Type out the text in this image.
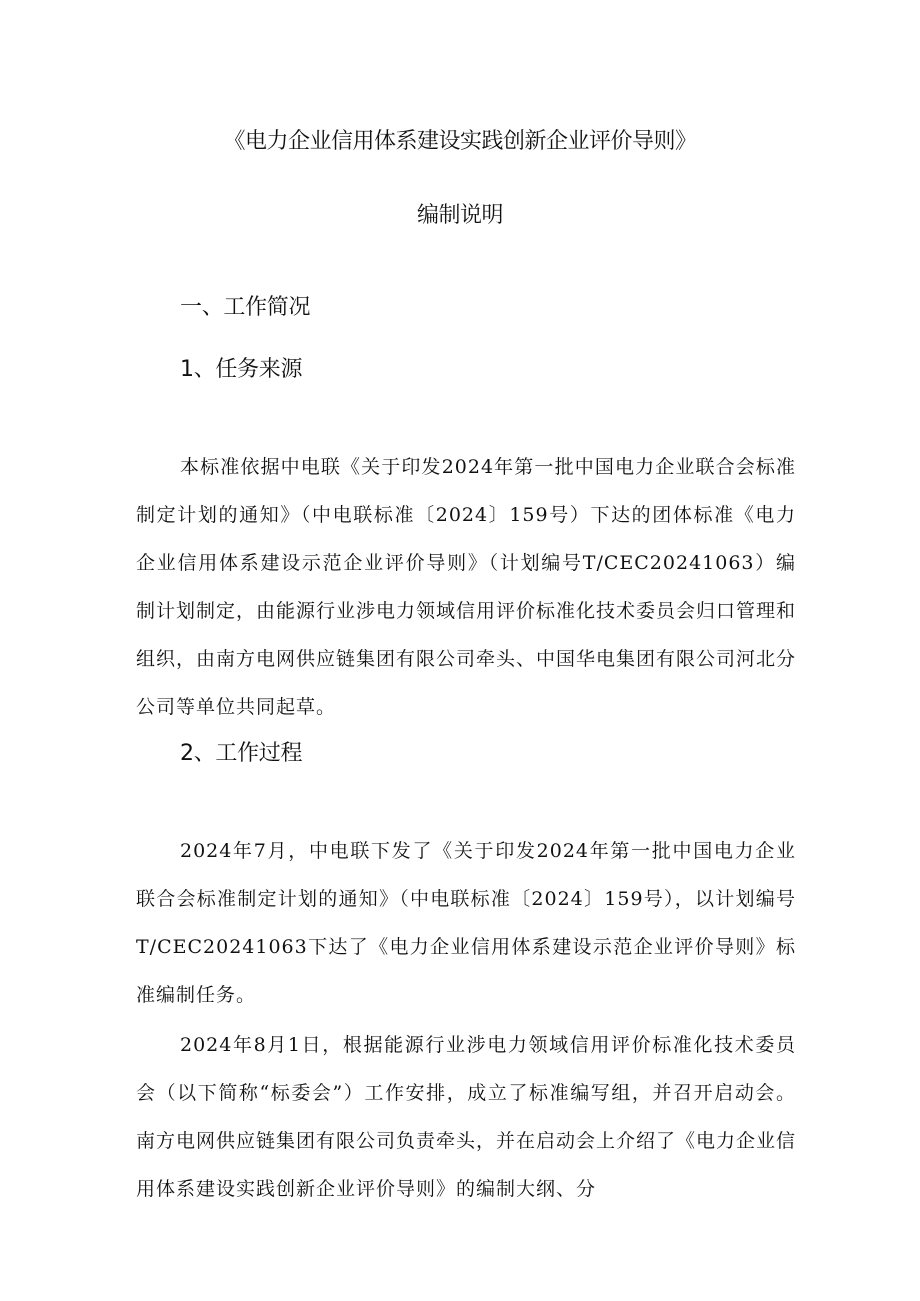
《电力企业信用体系建设实践创新企业评价导则》
编制说明
一、工作简况
1、任务来源

本标准依据中电联《关于印发2024年第一批中国电力企业联合会标准制定计划的通知》（中电联标准〔2024〕159号）下达的团体标准《电力企业信用体系建设示范企业评价导则》（计划编号T/CEC20241063）编制计划制定，由能源行业涉电力领域信用评价标准化技术委员会归口管理和组织，由南方电网供应链集团有限公司牵头、中国华电集团有限公司河北分公司等单位共同起草。

2、工作过程

2024年7月，中电联下发了《关于印发2024年第一批中国电力企业联合会标准制定计划的通知》（中电联标准〔2024〕159号），以计划编号T/CEC20241063下达了《电力企业信用体系建设示范企业评价导则》标准编制任务。

2024年8月1日，根据能源行业涉电力领域信用评价标准化技术委员会（以下简称“标委会”）工作安排，成立了标准编写组，并召开启动会。南方电网供应链集团有限公司负责牵头，并在启动会上介绍了《电力企业信用体系建设实践创新企业评价导则》的编制大纲、分
